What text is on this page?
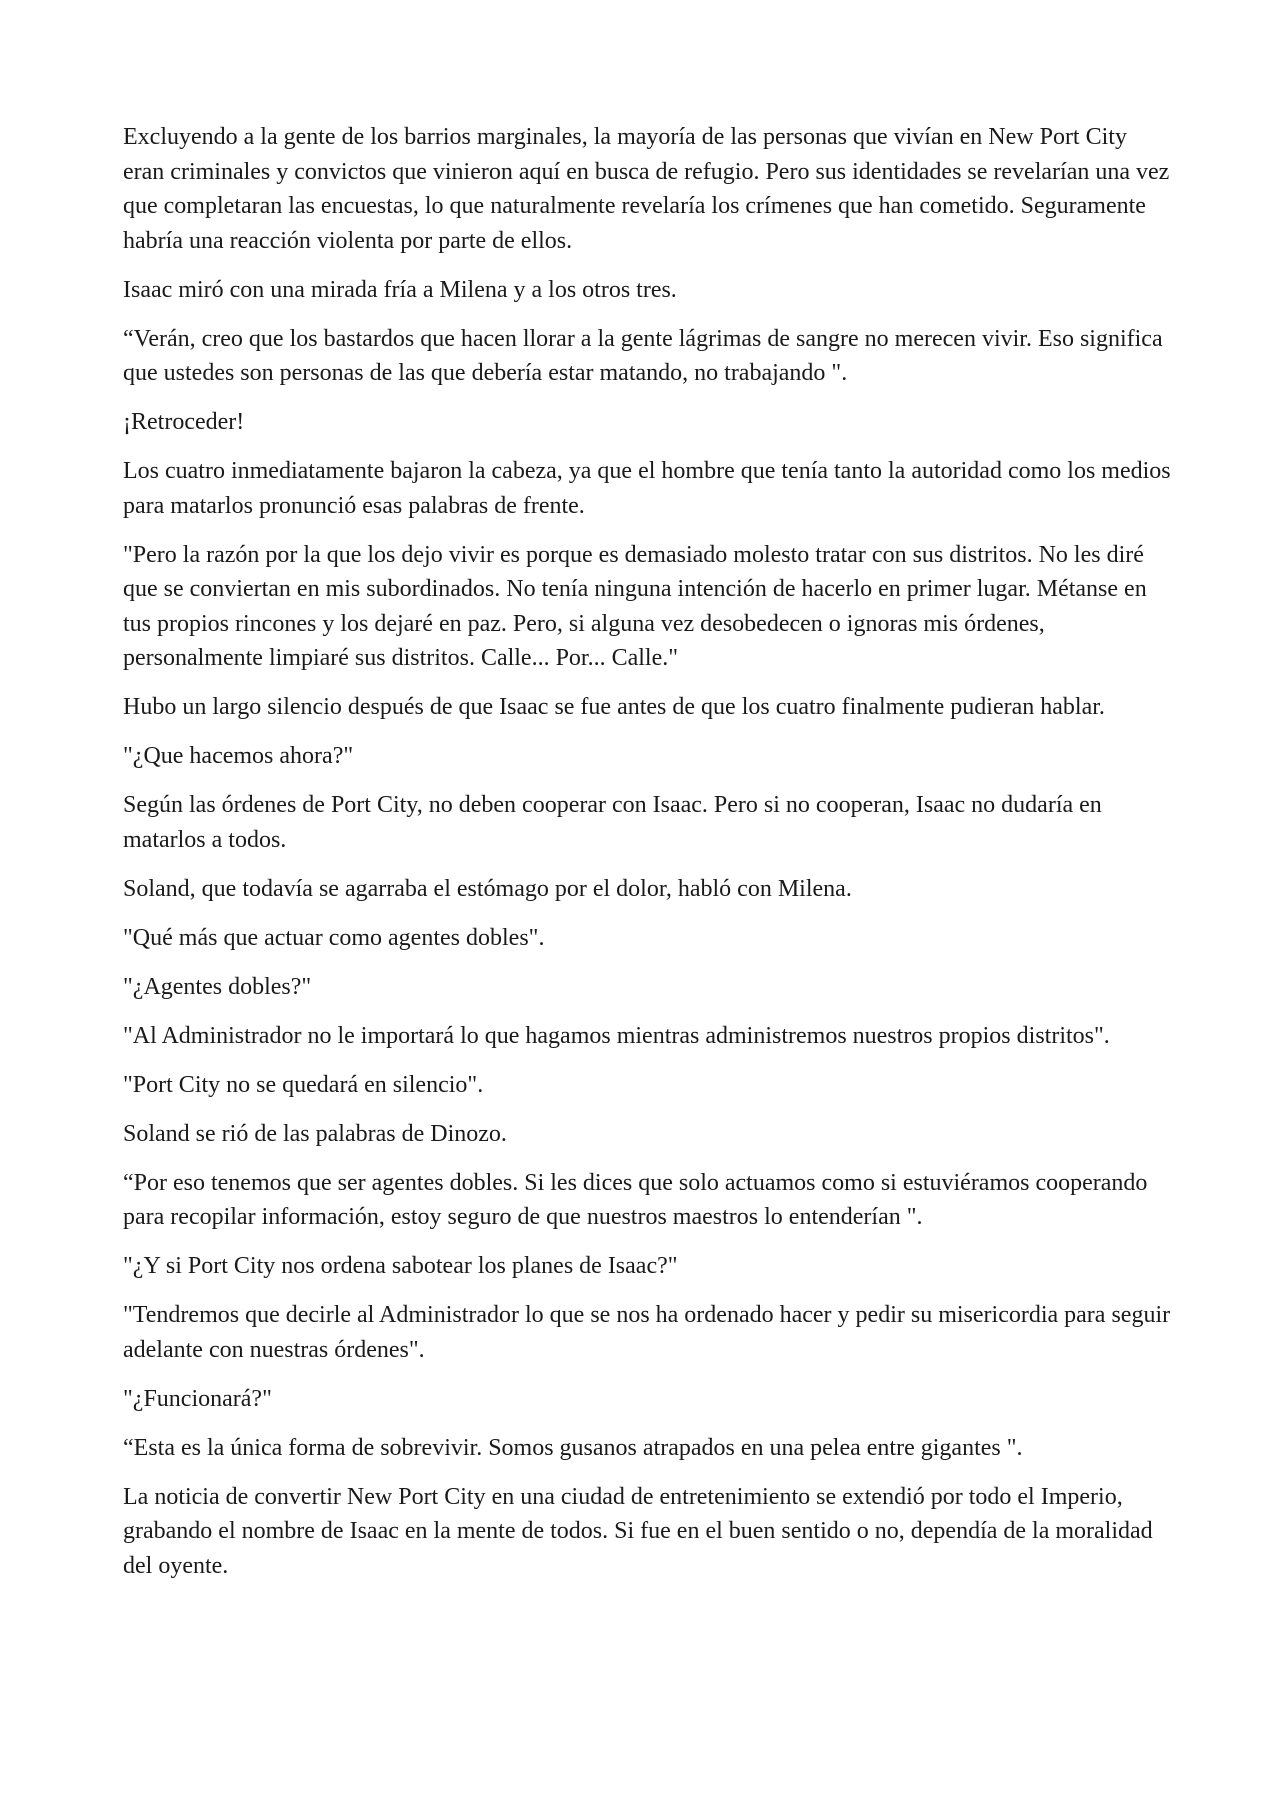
Excluyendo a la gente de los barrios marginales, la mayoría de las personas que vivían en New Port City eran criminales y convictos que vinieron aquí en busca de refugio. Pero sus identidades se revelarían una vez que completaran las encuestas, lo que naturalmente revelaría los crímenes que han cometido. Seguramente habría una reacción violenta por parte de ellos.

Isaac miró con una mirada fría a Milena y a los otros tres.

“Verán, creo que los bastardos que hacen llorar a la gente lágrimas de sangre no merecen vivir. Eso significa que ustedes son personas de las que debería estar matando, no trabajando ".

¡Retroceder!

Los cuatro inmediatamente bajaron la cabeza, ya que el hombre que tenía tanto la autoridad como los medios para matarlos pronunció esas palabras de frente.

"Pero la razón por la que los dejo vivir es porque es demasiado molesto tratar con sus distritos. No les diré que se conviertan en mis subordinados. No tenía ninguna intención de hacerlo en primer lugar. Métanse en tus propios rincones y los dejaré en paz. Pero, si alguna vez desobedecen o ignoras mis órdenes, personalmente limpiaré sus distritos. Calle... Por... Calle."

Hubo un largo silencio después de que Isaac se fue antes de que los cuatro finalmente pudieran hablar.

"¿Que hacemos ahora?"

Según las órdenes de Port City, no deben cooperar con Isaac. Pero si no cooperan, Isaac no dudaría en matarlos a todos.

Soland, que todavía se agarraba el estómago por el dolor, habló con Milena.

"Qué más que actuar como agentes dobles".

"¿Agentes dobles?"

"Al Administrador no le importará lo que hagamos mientras administremos nuestros propios distritos".

"Port City no se quedará en silencio".

Soland se rió de las palabras de Dinozo.

“Por eso tenemos que ser agentes dobles. Si les dices que solo actuamos como si estuviéramos cooperando para recopilar información, estoy seguro de que nuestros maestros lo entenderían ".

"¿Y si Port City nos ordena sabotear los planes de Isaac?"

"Tendremos que decirle al Administrador lo que se nos ha ordenado hacer y pedir su misericordia para seguir adelante con nuestras órdenes".

"¿Funcionará?"

“Esta es la única forma de sobrevivir. Somos gusanos atrapados en una pelea entre gigantes ".

La noticia de convertir New Port City en una ciudad de entretenimiento se extendió por todo el Imperio, grabando el nombre de Isaac en la mente de todos. Si fue en el buen sentido o no, dependía de la moralidad del oyente.
